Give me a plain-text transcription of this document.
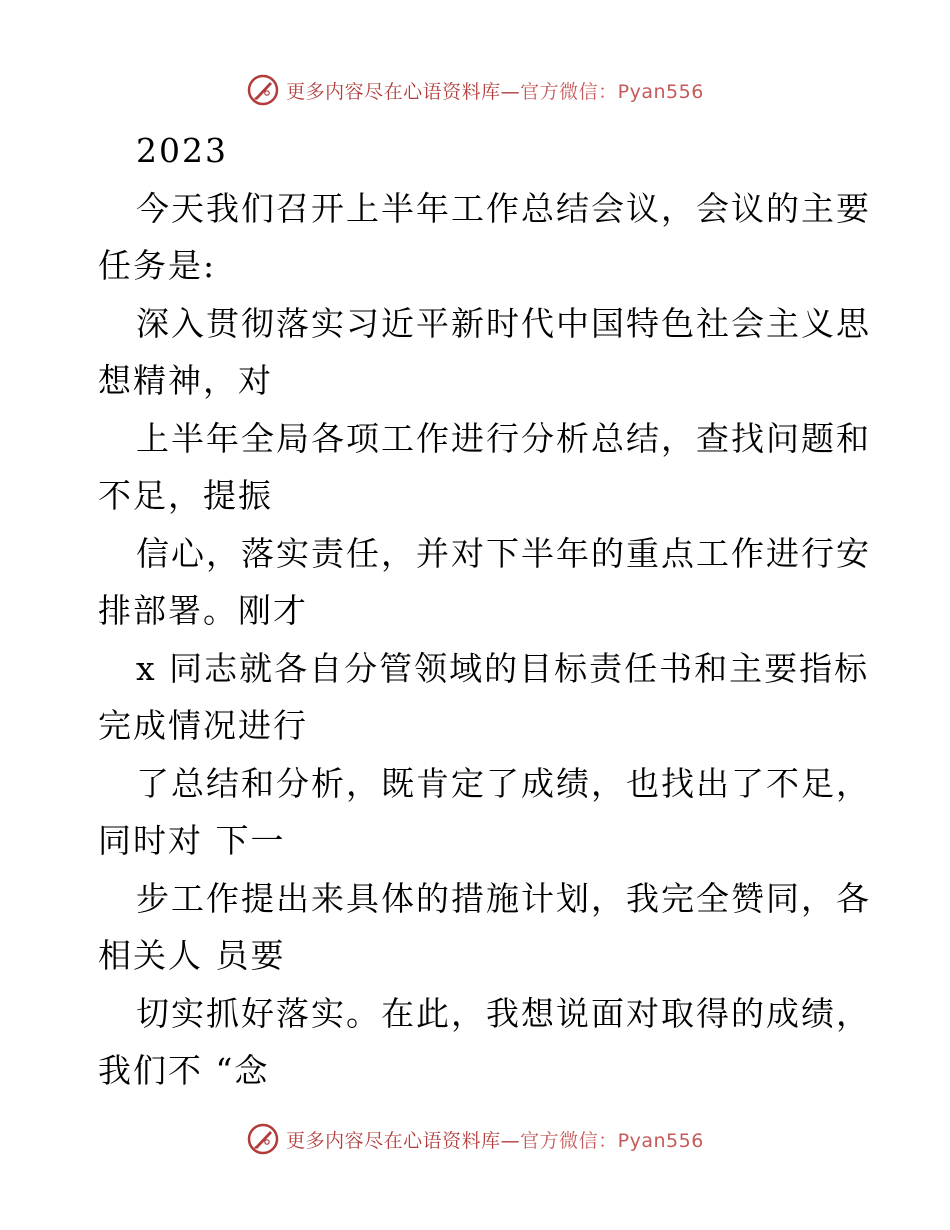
更多内容尽在心语资料库—官方微信：Pyan556
2023
今天我们召开上半年工作总结会议，会议的主要
任务是:
深入贯彻落实习近平新时代中国特色社会主义思
想精神，对
上半年全局各项工作进行分析总结，查找问题和
不足，提振
信心，落实责任，并对下半年的重点工作进行安
排部署。刚才
x 同志就各自分管领域的目标责任书和主要指标
完成情况进行
了总结和分析，既肯定了成绩，也找出了不足，
同时对 下一
步工作提出来具体的措施计划，我完全赞同，各
相关人 员要
切实抓好落实。在此，我想说面对取得的成绩，
我们不 “念
更多内容尽在心语资料库—官方微信：Pyan556
